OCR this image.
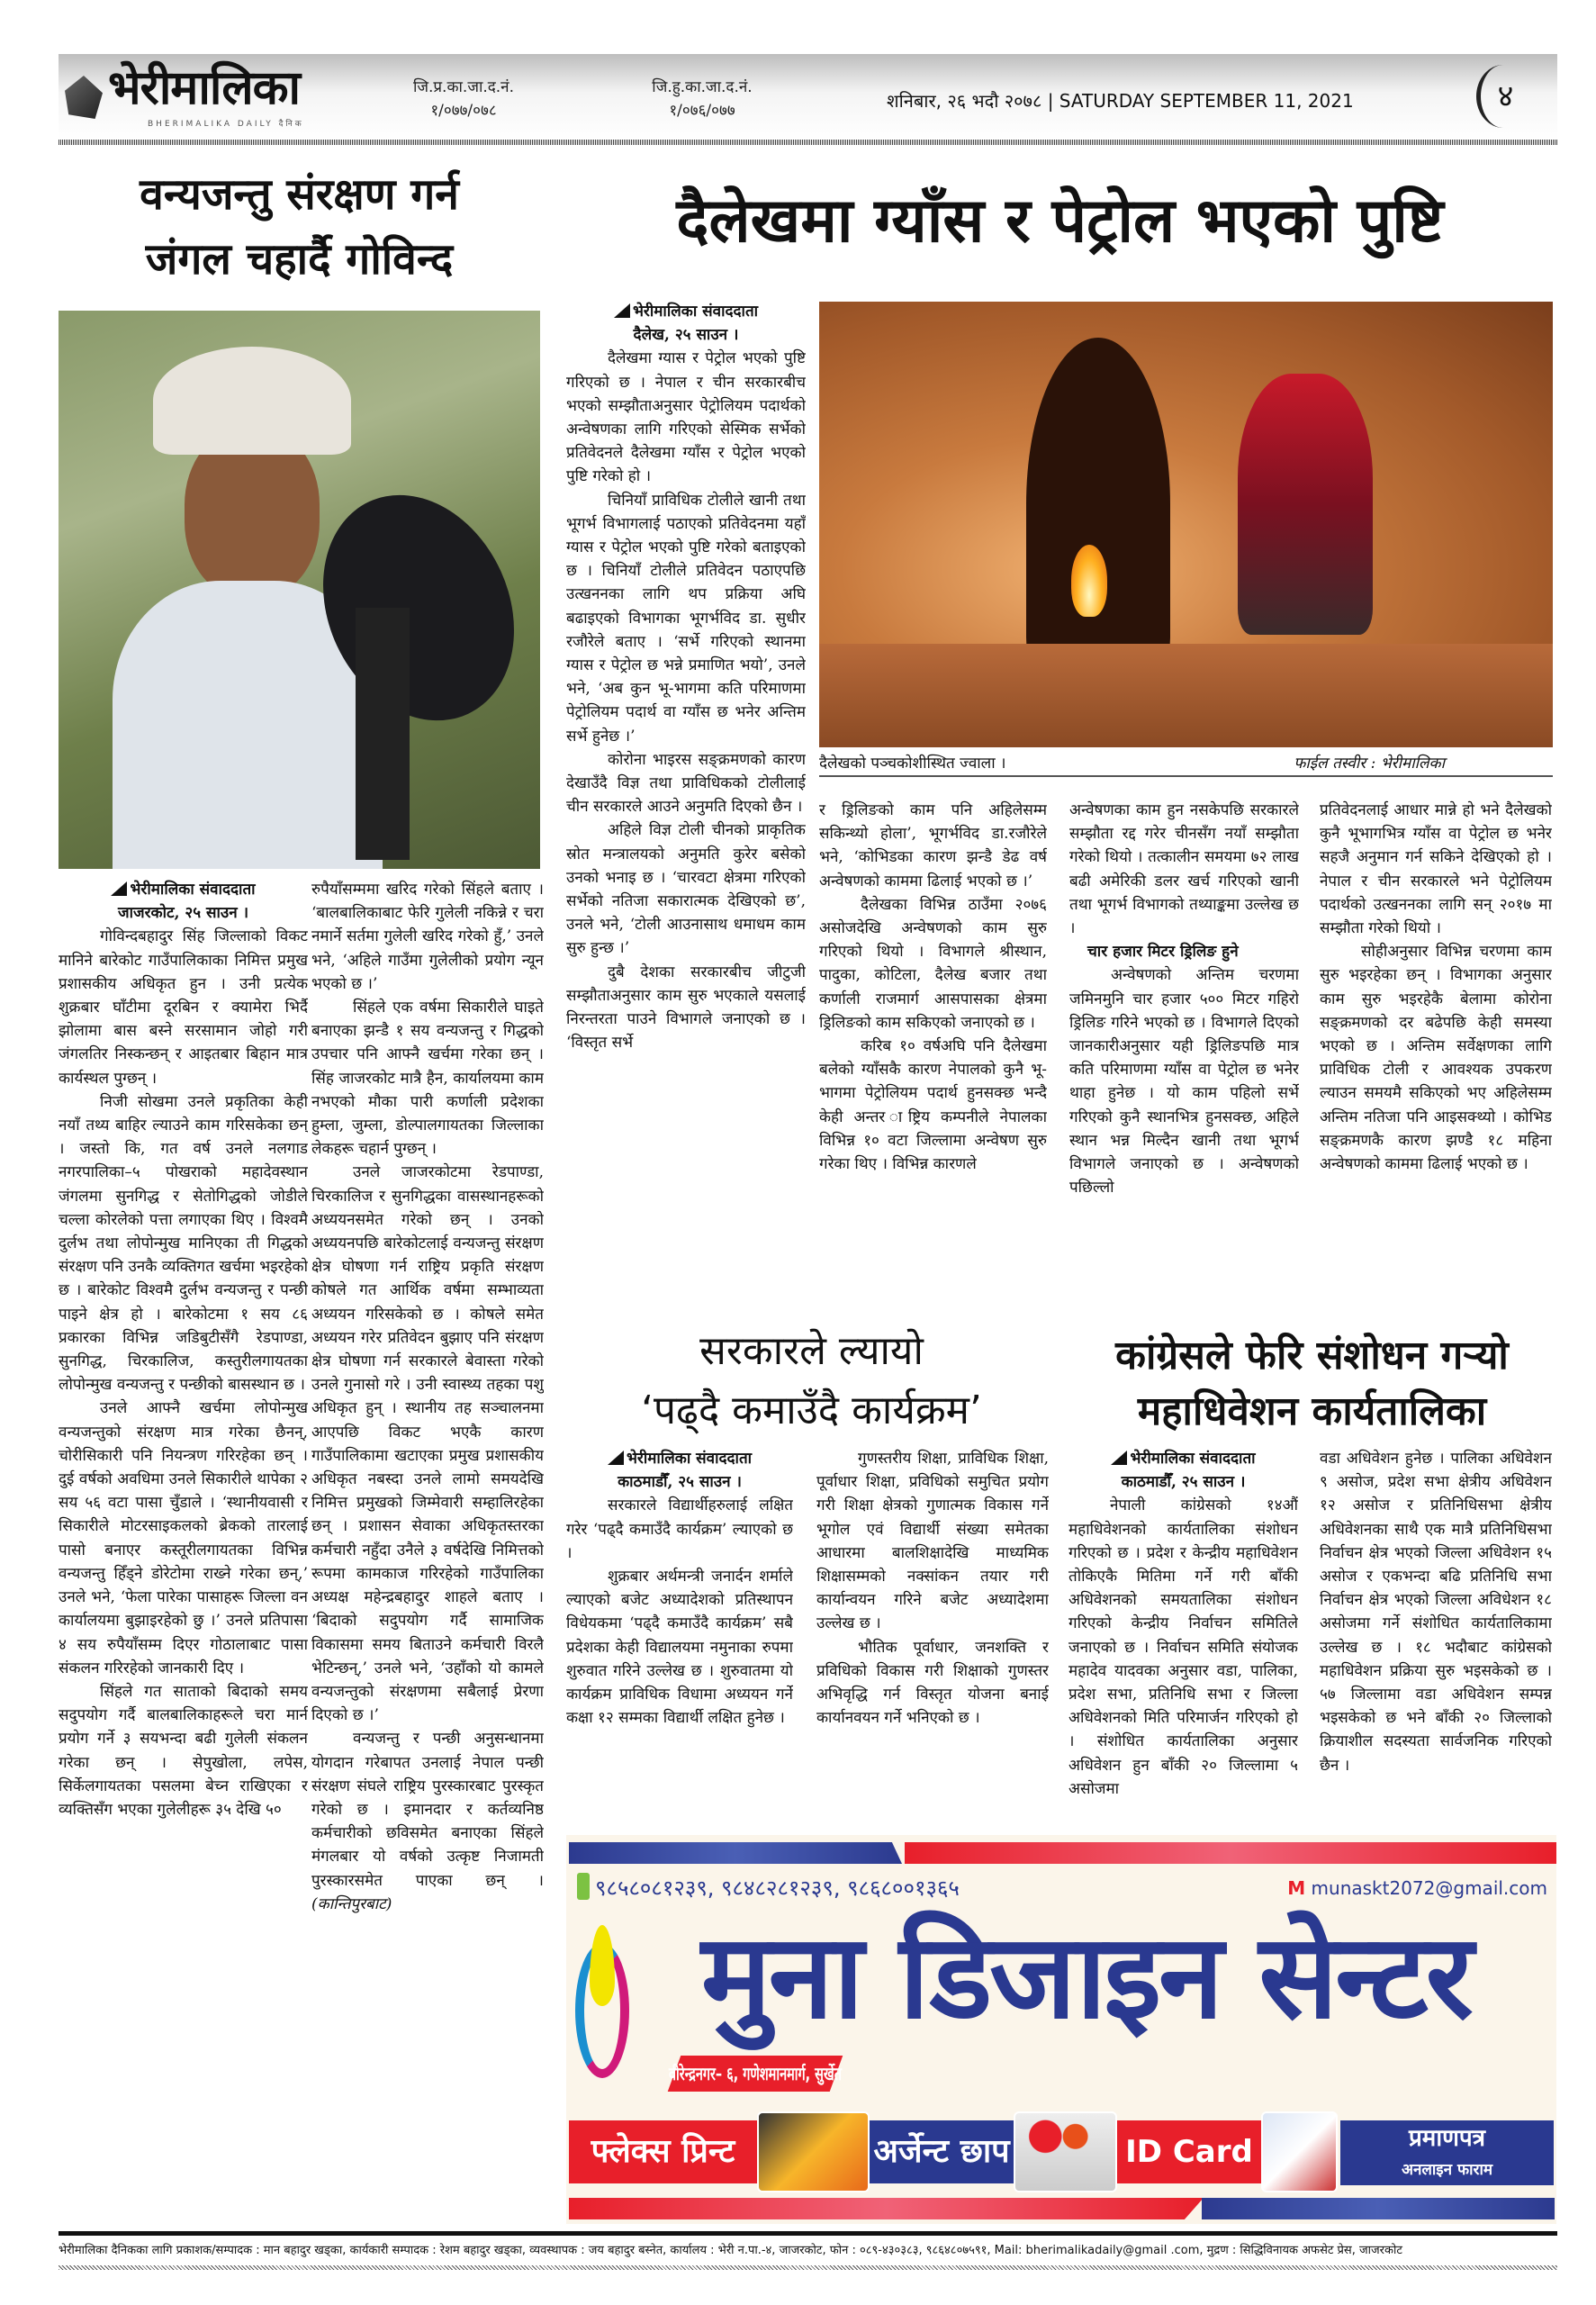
भेरीमालिका
BHERIMALIKA DAILY दैनिक
जि.प्र.का.जा.द.नं.
१/०७७/०७८
जि.हु.का.जा.द.नं.
१/०७६/०७७	शनिबार, २६ भदौ २०७८ | SATURDAY SEPTEMBER 11, 2021	४
वन्यजन्तु संरक्षण गर्न
जंगल चहार्दै गोविन्द

भेरीमालिका संवाददाता

जाजरकोट, २५ साउन ।

गोविन्दबहादुर सिंह जिल्लाको विकट मानिने बारेकोट गाउँपालिकाका निमित्त प्रमुख प्रशासकीय अधिकृत हुन । उनी प्रत्येक शुक्रबार घाँटीमा दूरबिन र क्यामेरा भिर्दै झोलामा बास बस्ने सरसामान जोहो गरी जंगलतिर निस्कन्छन् र आइतबार बिहान मात्र कार्यस्थल पुग्छन् ।

निजी सोखमा उनले प्रकृतिका केही नयाँ तथ्य बाहिर ल्याउने काम गरिसकेका छन् । जस्तो कि, गत वर्ष उनले नलगाड नगरपालिका–५ पोखराको महादेवस्थान जंगलमा सुनगिद्ध र सेतोगिद्धको जोडीले चल्ला कोरलेको पत्ता लगाएका थिए । विश्वमै दुर्लभ तथा लोपोन्मुख मानिएका ती गिद्धको संरक्षण पनि उनकै व्यक्तिगत खर्चमा भइरहेको छ । बारेकोट विश्वमै दुर्लभ वन्यजन्तु र पन्छी पाइने क्षेत्र हो । बारेकोटमा १ सय ८६ प्रकारका विभिन्न जडिबुटीसँगै रेडपाण्डा, सुनगिद्ध, चिरकालिज, कस्तुरीलगायतका लोपोन्मुख वन्यजन्तु र पन्छीको बासस्थान छ ।

उनले आफ्नै खर्चमा लोपोन्मुख वन्यजन्तुको संरक्षण मात्र गरेका छैनन्, चोरीसिकारी पनि नियन्त्रण गरिरहेका छन् । दुई वर्षको अवधिमा उनले सिकारीले थापेका २ सय ५६ वटा पासा चुँडाले । ‘स्थानीयवासी र सिकारीले मोटरसाइकलको ब्रेकको तारलाई पासो बनाएर कस्तूरीलगायतका विभिन्न वन्यजन्तु हिँड्ने डोरेटोमा राख्ने गरेका छन्,’ उनले भने, ‘फेला पारेका पासाहरू जिल्ला वन कार्यालयमा बुझाइरहेको छु ।’ उनले प्रतिपासा ४ सय रुपैयाँसम्म दिएर गोठालाबाट पासा संकलन गरिरहेको जानकारी दिए ।

सिंहले गत साताको बिदाको समय सदुपयोग गर्दै बालबालिकाहरूले चरा मार्न प्रयोग गर्ने ३ सयभन्दा बढी गुलेली संकलन गरेका छन् । सेपुखोला, लपेस, सिर्केलगायतका पसलमा बेच्न राखिएका र व्यक्तिसँग भएका गुलेलीहरू ३५ देखि ५०

रुपैयाँसम्ममा खरिद गरेको सिंहले बताए । ‘बालबालिकाबाट फेरि गुलेली नकिन्ने र चरा नमार्ने सर्तमा गुलेली खरिद गरेको हुँ,’ उनले भने, ‘अहिले गाउँमा गुलेलीको प्रयोग न्यून भएको छ ।’

सिंहले एक वर्षमा सिकारीले घाइते बनाएका झन्डै १ सय वन्यजन्तु र गिद्धको उपचार पनि आफ्नै खर्चमा गरेका छन् । सिंह जाजरकोट मात्रै हैन, कार्यालयमा काम नभएको मौका पारी कर्णाली प्रदेशका हुम्ला, जुम्ला, डोल्पालगायतका जिल्लाका लेकहरू चहार्न पुग्छन् ।

उनले जाजरकोटमा रेडपाण्डा, चिरकालिज र सुनगिद्धका वासस्थानहरूको अध्ययनसमेत गरेको छन् । उनको अध्ययनपछि बारेकोटलाई वन्यजन्तु संरक्षण क्षेत्र घोषणा गर्न राष्ट्रिय प्रकृति संरक्षण कोषले गत आर्थिक वर्षमा सम्भाव्यता अध्ययन गरिसकेको छ । कोषले समेत अध्ययन गरेर प्रतिवेदन बुझाए पनि संरक्षण क्षेत्र घोषणा गर्न सरकारले बेवास्ता गरेको उनले गुनासो गरे । उनी स्वास्थ्य तहका पशु अधिकृत हुन् । स्थानीय तह सञ्चालनमा आएपछि विकट भएकै कारण गाउँपालिकामा खटाएका प्रमुख प्रशासकीय अधिकृत नबस्दा उनले लामो समयदेखि निमित्त प्रमुखको जिम्मेवारी सम्हालिरहेका छन् । प्रशासन सेवाका अधिकृतस्तरका कर्मचारी नहुँदा उनैले ३ वर्षदेखि निमित्तको रूपमा कामकाज गरिरहेको गाउँपालिका अध्यक्ष महेन्द्रबहादुर शाहले बताए । ‘बिदाको सदुपयोग गर्दै सामाजिक विकासमा समय बिताउने कर्मचारी विरलै भेटिन्छन्,’ उनले भने, ‘उहाँको यो कामले वन्यजन्तुको संरक्षणमा सबैलाई प्रेरणा दिएको छ ।’

वन्यजन्तु र पन्छी अनुसन्धानमा योगदान गरेबापत उनलाई नेपाल पन्छी संरक्षण संघले राष्ट्रिय पुरस्कारबाट पुरस्कृत गरेको छ । इमानदार र कर्तव्यनिष्ठ कर्मचारीको छविसमेत बनाएका सिंहले मंगलबार यो वर्षको उत्कृष्ट निजामती पुरस्कारसमेत पाएका छन् । (कान्तिपुरबाट)

दैलेखमा ग्याँस र पेट्रोल भएको पुष्टि

भेरीमालिका संवाददाता

दैलेख, २५ साउन ।

दैलेखमा ग्यास र पेट्रोल भएको पुष्टि गरिएको छ । नेपाल र चीन सरकारबीच भएको सम्झौताअनुसार पेट्रोलियम पदार्थको अन्वेषणका लागि गरिएको सेस्मिक सर्भेको प्रतिवेदनले दैलेखमा ग्याँस र पेट्रोल भएको पुष्टि गरेको हो ।

चिनियाँ प्राविधिक टोलीले खानी तथा भूगर्भ विभागलाई पठाएको प्रतिवेदनमा यहाँ ग्यास र पेट्रोल भएको पुष्टि गरेको बताइएको छ । चिनियाँ टोलीले प्रतिवेदन पठाएपछि उत्खननका लागि थप प्रक्रिया अघि बढाइएको विभागका भूगर्भविद डा. सुधीर रजौरेले बताए । ‘सर्भे गरिएको स्थानमा ग्यास र पेट्रोल छ भन्ने प्रमाणित भयो’, उनले भने, ‘अब कुन भू-भागमा कति परिमाणमा पेट्रोलियम पदार्थ वा ग्याँस छ भनेर अन्तिम सर्भे हुनेछ ।’

कोरोना भाइरस सङ्क्रमणको कारण देखाउँदै विज्ञ तथा प्राविधिकको टोलीलाई चीन सरकारले आउने अनुमति दिएको छैन ।

अहिले विज्ञ टोली चीनको प्राकृतिक स्रोत मन्त्रालयको अनुमति कुरेर बसेको उनको भनाइ छ । ‘चारवटा क्षेत्रमा गरिएको सर्भेको नतिजा सकारात्मक देखिएको छ’, उनले भने, ‘टोली आउनासाथ धमाधम काम सुरु हुन्छ ।’

दुबै देशका सरकारबीच जीटुजी सम्झौताअनुसार काम सुरु भएकाले यसलाई निरन्तरता पाउने विभागले जनाएको छ । ‘विस्तृत सर्भे

दैलेखको पञ्चकोशीस्थित ज्वाला ।	फाईल तस्वीर : भेरीमालिका

र ड्रिलिङको काम पनि अहिलेसम्म सकिन्थ्यो होला’, भूगर्भविद डा.रजौरेले भने, ‘कोभिडका कारण झन्डै डेढ वर्ष अन्वेषणको काममा ढिलाई भएको छ ।’

दैलेखका विभिन्न ठाउँमा २०७६ असोजदेखि अन्वेषणको काम सुरु गरिएको थियो । विभागले श्रीस्थान, पादुका, कोटिला, दैलेख बजार तथा कर्णाली राजमार्ग आसपासका क्षेत्रमा ड्रिलिङको काम सकिएको जनाएको छ ।

करिब १० वर्षअघि पनि दैलेखमा बलेको ग्याँसकै कारण नेपालको कुनै भू-भागमा पेट्रोलियम पदार्थ हुनसक्छ भन्दै केही अन्तर ाष्ट्रिय कम्पनीले नेपालका विभिन्न १० वटा जिल्लामा अन्वेषण सुरु गरेका थिए । विभिन्न कारणले

अन्वेषणका काम हुन नसकेपछि सरकारले सम्झौता रद्द गरेर चीनसँग नयाँ सम्झौता गरेको थियो । तत्कालीन समयमा ७२ लाख बढी अमेरिकी डलर खर्च गरिएको खानी तथा भूगर्भ विभागको तथ्याङ्कमा उल्लेख छ ।

चार हजार मिटर ड्रिलिङ हुने

अन्वेषणको अन्तिम चरणमा जमिनमुनि चार हजार ५०० मिटर गहिरो ड्रिलिङ गरिने भएको छ । विभागले दिएको जानकारीअनुसार यही ड्रिलिङपछि मात्र कति परिमाणमा ग्याँस वा पेट्रोल छ भनेर थाहा हुनेछ । यो काम पहिलो सर्भे गरिएको कुनै स्थानभित्र हुनसक्छ, अहिले स्थान भन्न मिल्दैन खानी तथा भूगर्भ विभागले जनाएको छ । अन्वेषणको पछिल्लो

प्रतिवेदनलाई आधार मान्ने हो भने दैलेखको कुनै भूभागभित्र ग्याँस वा पेट्रोल छ भनेर सहजै अनुमान गर्न सकिने देखिएको हो । नेपाल र चीन सरकारले भने पेट्रोलियम पदार्थको उत्खननका लागि सन् २०१७ मा सम्झौता गरेको थियो ।

सोहीअनुसार विभिन्न चरणमा काम सुरु भइरहेका छन् । विभागका अनुसार काम सुरु भइरहेकै बेलामा कोरोना सङ्क्रमणको दर बढेपछि केही समस्या भएको छ । अन्तिम सर्वेक्षणका लागि प्राविधिक टोली र आवश्यक उपकरण ल्याउन समयमै सकिएको भए अहिलेसम्म अन्तिम नतिजा पनि आइसक्थ्यो । कोभिड सङ्क्रमणकै कारण झण्डै १८ महिना अन्वेषणको काममा ढिलाई भएको छ ।

सरकारले ल्यायो
‘पढ्दै कमाउँदै कार्यक्रम’

भेरीमालिका संवाददाता

काठमाडौँ, २५ साउन ।

सरकारले विद्यार्थीहरुलाई लक्षित गरेर ‘पढ्दै कमाउँदै कार्यक्रम’ ल्याएको छ ।

शुक्रबार अर्थमन्त्री जनार्दन शर्माले ल्याएको बजेट अध्यादेशको प्रतिस्थापन विधेयकमा ‘पढ्दै कमाउँदै कार्यक्रम’ सबै प्रदेशका केही विद्यालयमा नमुनाका रुपमा शुरुवात गरिने उल्लेख छ । शुरुवातमा यो कार्यक्रम प्राविधिक विधामा अध्ययन गर्ने कक्षा १२ सम्मका विद्यार्थी लक्षित हुनेछ ।

गुणस्तरीय शिक्षा, प्राविधिक शिक्षा, पूर्वाधार शिक्षा, प्रविधिको समुचित प्रयोग गरी शिक्षा क्षेत्रको गुणात्मक विकास गर्ने भूगोल एवं विद्यार्थी संख्या समेतका आधारमा बालशिक्षादेखि माध्यमिक शिक्षासम्मको नक्सांकन तयार गरी कार्यान्वयन गरिने बजेट अध्यादेशमा उल्लेख छ ।

भौतिक पूर्वाधार, जनशक्ति र प्रविधिको विकास गरी शिक्षाको गुणस्तर अभिवृद्धि गर्न विस्तृत योजना बनाई कार्यानवयन गर्ने भनिएको छ ।

कांग्रेसले फेरि संशोधन गर्‍यो
महाधिवेशन कार्यतालिका

भेरीमालिका संवाददाता

काठमाडौँ, २५ साउन ।

नेपाली कांग्रेसको १४औं महाधिवेशनको कार्यतालिका संशोधन गरिएको छ । प्रदेश र केन्द्रीय महाधिवेशन तोकिएकै मितिमा गर्ने गरी बाँकी अधिवेशनको समयतालिका संशोधन गरिएको केन्द्रीय निर्वाचन समितिले जनाएको छ । निर्वाचन समिति संयोजक महादेव यादवका अनुसार वडा, पालिका, प्रदेश सभा, प्रतिनिधि सभा र जिल्ला अधिवेशनको मिति परिमार्जन गरिएको हो । संशोधित कार्यतालिका अनुसार अधिवेशन हुन बाँकी २० जिल्लामा ५ असोजमा

वडा अधिवेशन हुनेछ । पालिका अधिवेशन ९ असोज, प्रदेश सभा क्षेत्रीय अधिवेशन १२ असोज र प्रतिनिधिसभा क्षेत्रीय अधिवेशनका साथै एक मात्रै प्रतिनिधिसभा निर्वाचन क्षेत्र भएको जिल्ला अधिवेशन १५ असोज र एकभन्दा बढि प्रतिनिधि सभा निर्वाचन क्षेत्र भएको जिल्ला अविधेशन १८ असोजमा गर्ने संशोधित कार्यतालिकामा उल्लेख छ । १८ भदौबाट कांग्रेसको महाधिवेशन प्रक्रिया सुरु भइसकेको छ । ५७ जिल्लामा वडा अधिवेशन सम्पन्न भइसकेको छ भने बाँकी २० जिल्लाको क्रियाशील सदस्यता सार्वजनिक गरिएको छैन ।

९८५८०८१२३९, ९८४८२८१२३९, ९८६८००१३६५	M munaskt2072@gmail.com
मुना डिजाइन सेन्टर
वीरेन्द्रनगर– ६, गणेशमानमार्ग, सुर्खेत
फ्लेक्स प्रिन्ट	अर्जेन्ट छाप	ID Card	प्रमाणपत्र
अनलाइन फाराम
भेरीमालिका दैनिकका लागि प्रकाशक/सम्पादक : मान बहादुर खड्का, कार्यकारी सम्पादक : रेशम बहादुर खड्का, व्यवस्थापक : जय बहादुर बस्नेत, कार्यालय : भेरी न.पा.-४, जाजरकोट, फोन : ०८९-४३०३८३, ९८६४८०७५९१, Mail: bherimalikadaily@gmail .com, मुद्रण : सिद्धिविनायक अफसेट प्रेस, जाजरकोट
